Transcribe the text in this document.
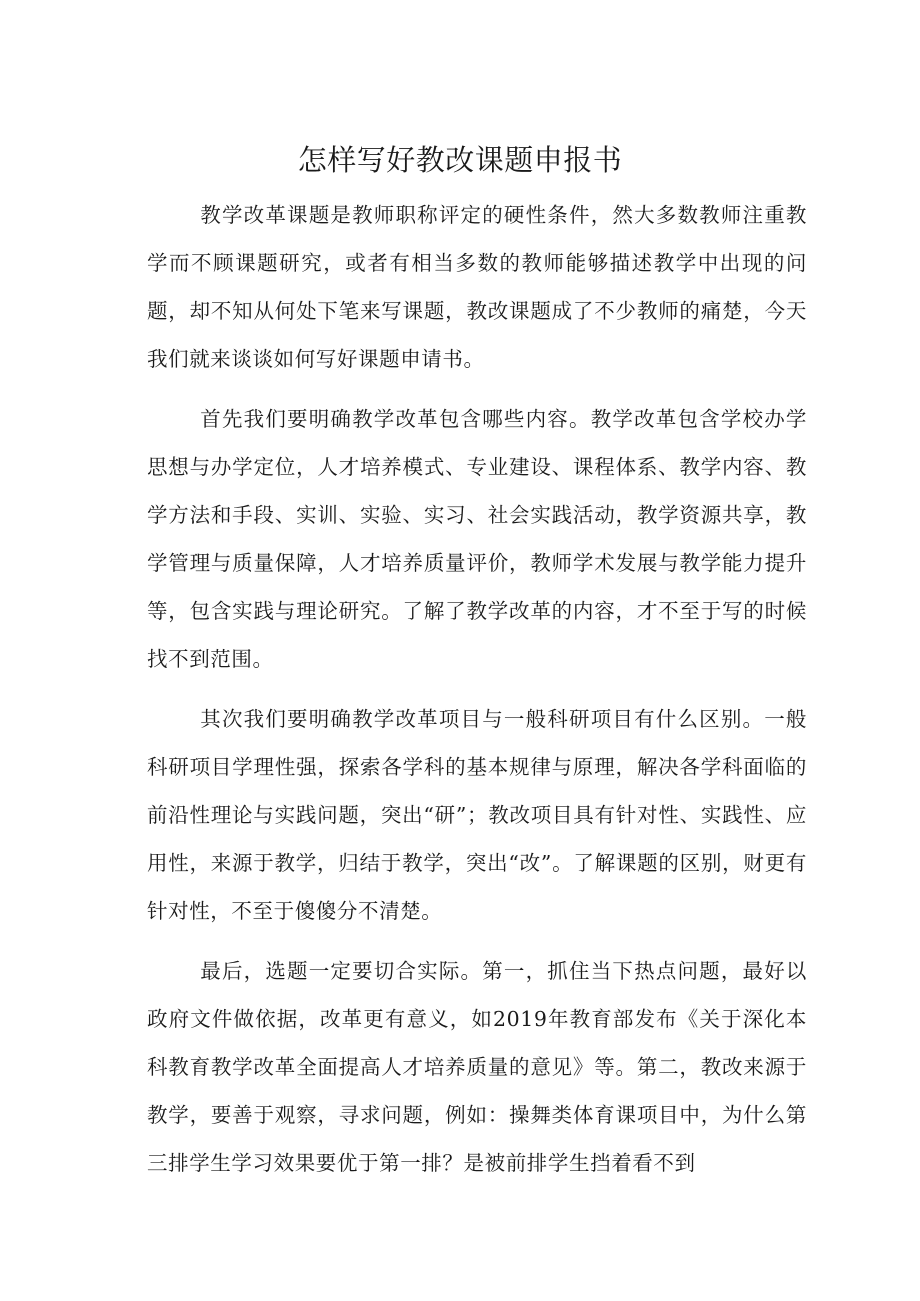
怎样写好教改课题申报书

教学改革课题是教师职称评定的硬性条件，然大多数教师注重教学而不顾课题研究，或者有相当多数的教师能够描述教学中出现的问题，却不知从何处下笔来写课题，教改课题成了不少教师的痛楚，今天我们就来谈谈如何写好课题申请书。

首先我们要明确教学改革包含哪些内容。教学改革包含学校办学思想与办学定位，人才培养模式、专业建设、课程体系、教学内容、教学方法和手段、实训、实验、实习、社会实践活动，教学资源共享，教学管理与质量保障，人才培养质量评价，教师学术发展与教学能力提升等，包含实践与理论研究。了解了教学改革的内容，才不至于写的时候找不到范围。

其次我们要明确教学改革项目与一般科研项目有什么区别。一般科研项目学理性强，探索各学科的基本规律与原理，解决各学科面临的前沿性理论与实践问题，突出“研”；教改项目具有针对性、实践性、应用性，来源于教学，归结于教学，突出“改”。了解课题的区别，财更有针对性，不至于傻傻分不清楚。

最后，选题一定要切合实际。第一，抓住当下热点问题，最好以政府文件做依据，改革更有意义，如2019年教育部发布《关于深化本科教育教学改革全面提高人才培养质量的意见》等。第二，教改来源于教学，要善于观察，寻求问题，例如：操舞类体育课项目中，为什么第三排学生学习效果要优于第一排？是被前排学生挡着看不到
